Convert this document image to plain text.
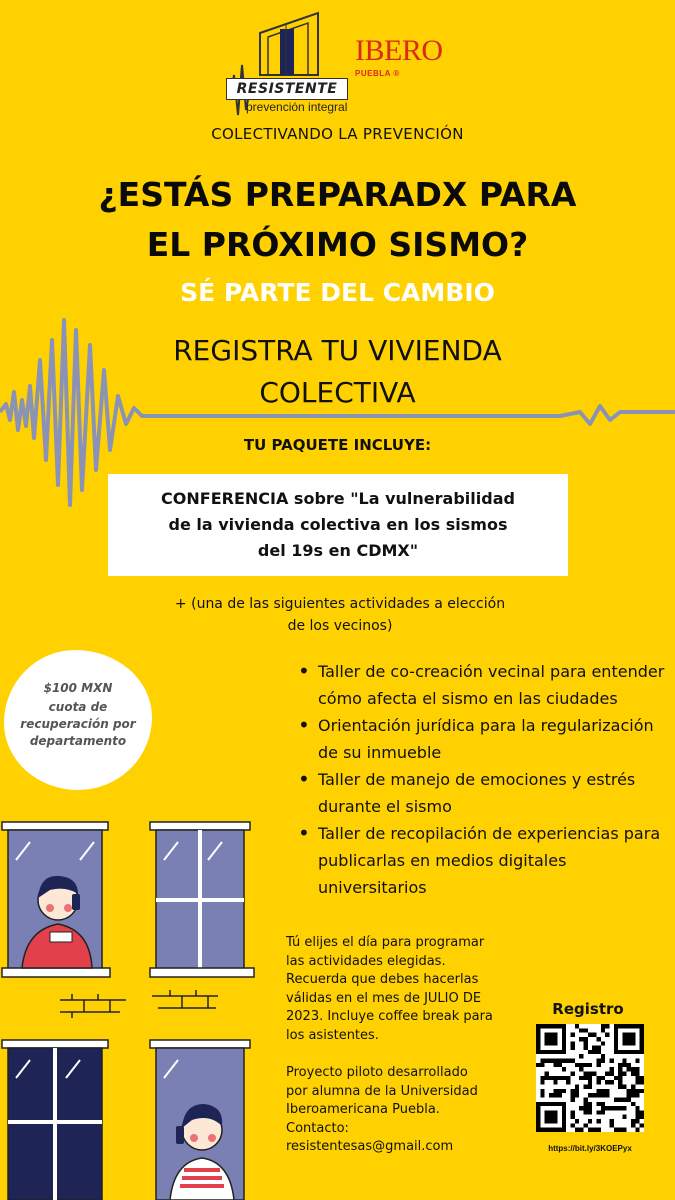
RESISTENTE
prevención integral
IBERO
PUEBLA ®
COLECTIVANDO LA PREVENCIÓN
¿ESTÁS PREPARADX PARA
EL PRÓXIMO SISMO?
SÉ PARTE DEL CAMBIO
REGISTRA TU VIVIENDA
COLECTIVA
TU PAQUETE INCLUYE:
CONFERENCIA sobre "La vulnerabilidad
de la vivienda colectiva en los sismos
del 19s en CDMX"
+ (una de las siguientes actividades a elección
de los vecinos)
$100 MXN
cuota de
recuperación por
departamento
• Taller de co-creación vecinal para entender cómo afecta el sismo en las ciudades
• Orientación jurídica para la regularización de su inmueble
• Taller de manejo de emociones y estrés durante el sismo
• Taller de recopilación de experiencias para publicarlas en medios digitales universitarios

Tú elijes el día para programar

las actividades elegidas.

Recuerda que debes hacerlas

válidas en el mes de JULIO DE

2023. Incluye coffee break para

los asistentes.

Proyecto piloto desarrollado

por alumna de la Universidad

Iberoamericana Puebla.

Contacto:

resistentesas@gmail.com

Registro
https://bit.ly/3KOEPyx
